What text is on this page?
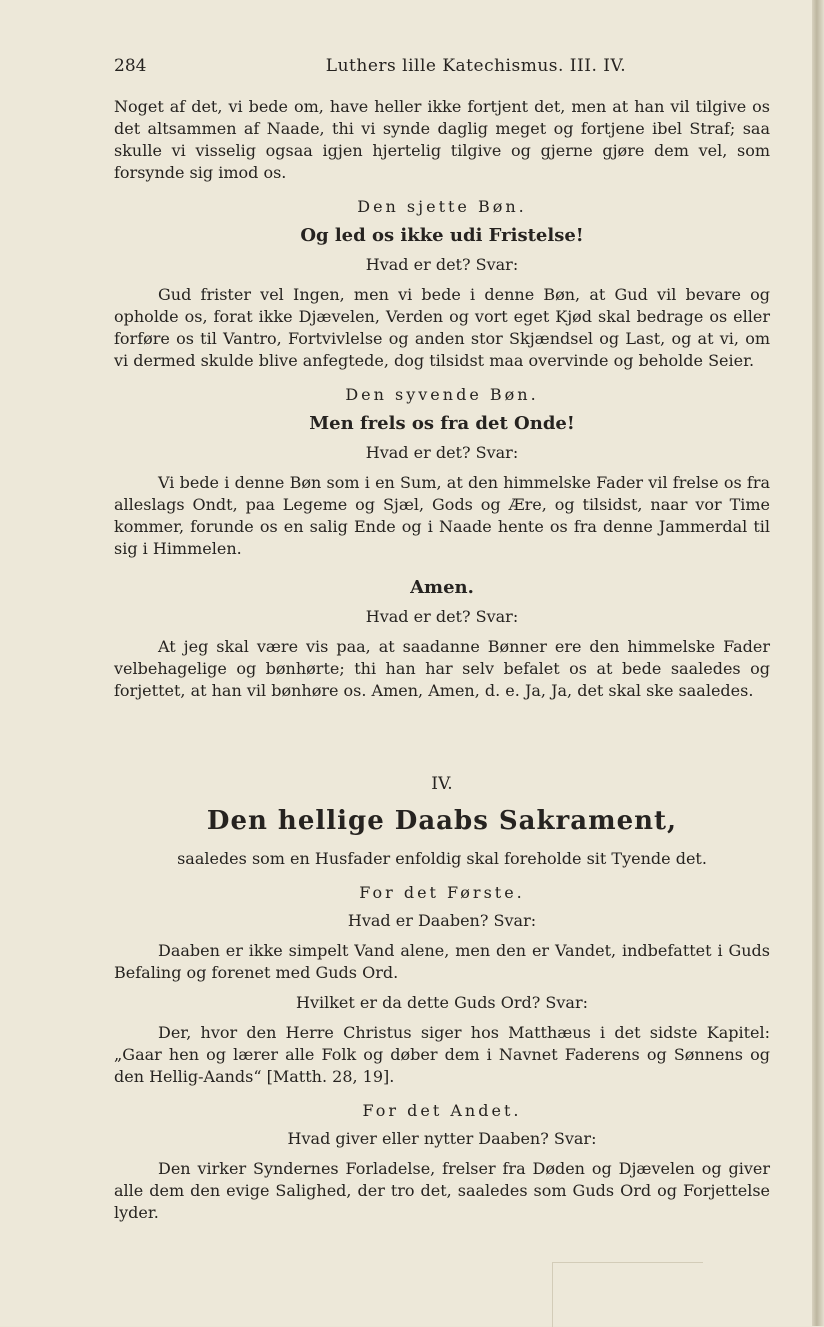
284	Luthers lille Katechismus. III. IV.

Noget af det, vi bede om, have heller ikke fortjent det, men at han vil tilgive os det altsammen af Naade, thi vi synde daglig meget og fortjene ibel Straf; saa skulle vi visselig ogsaa igjen hjertelig tilgive og gjerne gjøre dem vel, som forsynde sig imod os.

Den sjette Bøn.
Og led os ikke udi Fristelse!
Hvad er det? Svar:

Gud frister vel Ingen, men vi bede i denne Bøn, at Gud vil bevare og opholde os, forat ikke Djævelen, Verden og vort eget Kjød skal bedrage os eller forføre os til Vantro, Fortvivlelse og anden stor Skjændsel og Last, og at vi, om vi dermed skulde blive anfegtede, dog tilsidst maa overvinde og beholde Seier.

Den syvende Bøn.
Men frels os fra det Onde!
Hvad er det? Svar:

Vi bede i denne Bøn som i en Sum, at den himmelske Fader vil frelse os fra alleslags Ondt, paa Legeme og Sjæl, Gods og Ære, og tilsidst, naar vor Time kommer, forunde os en salig Ende og i Naade hente os fra denne Jammerdal til sig i Himmelen.

Amen.
Hvad er det? Svar:

At jeg skal være vis paa, at saadanne Bønner ere den himmelske Fader velbehagelige og bønhørte; thi han har selv befalet os at bede saaledes og forjettet, at han vil bønhøre os. Amen, Amen, d. e. Ja, Ja, det skal ske saaledes.

IV.
Den hellige Daabs Sakrament,

saaledes som en Husfader enfoldig skal foreholde sit Tyende det.

For det Første.
Hvad er Daaben? Svar:

Daaben er ikke simpelt Vand alene, men den er Vandet, indbefattet i Guds Befaling og forenet med Guds Ord.

Hvilket er da dette Guds Ord? Svar:

Der, hvor den Herre Christus siger hos Matthæus i det sidste Kapitel: „Gaar hen og lærer alle Folk og døber dem i Navnet Faderens og Sønnens og den Hellig-Aands“ [Matth. 28, 19].

For det Andet.
Hvad giver eller nytter Daaben? Svar:

Den virker Syndernes Forladelse, frelser fra Døden og Djævelen og giver alle dem den evige Salighed, der tro det, saaledes som Guds Ord og Forjettelse lyder.
